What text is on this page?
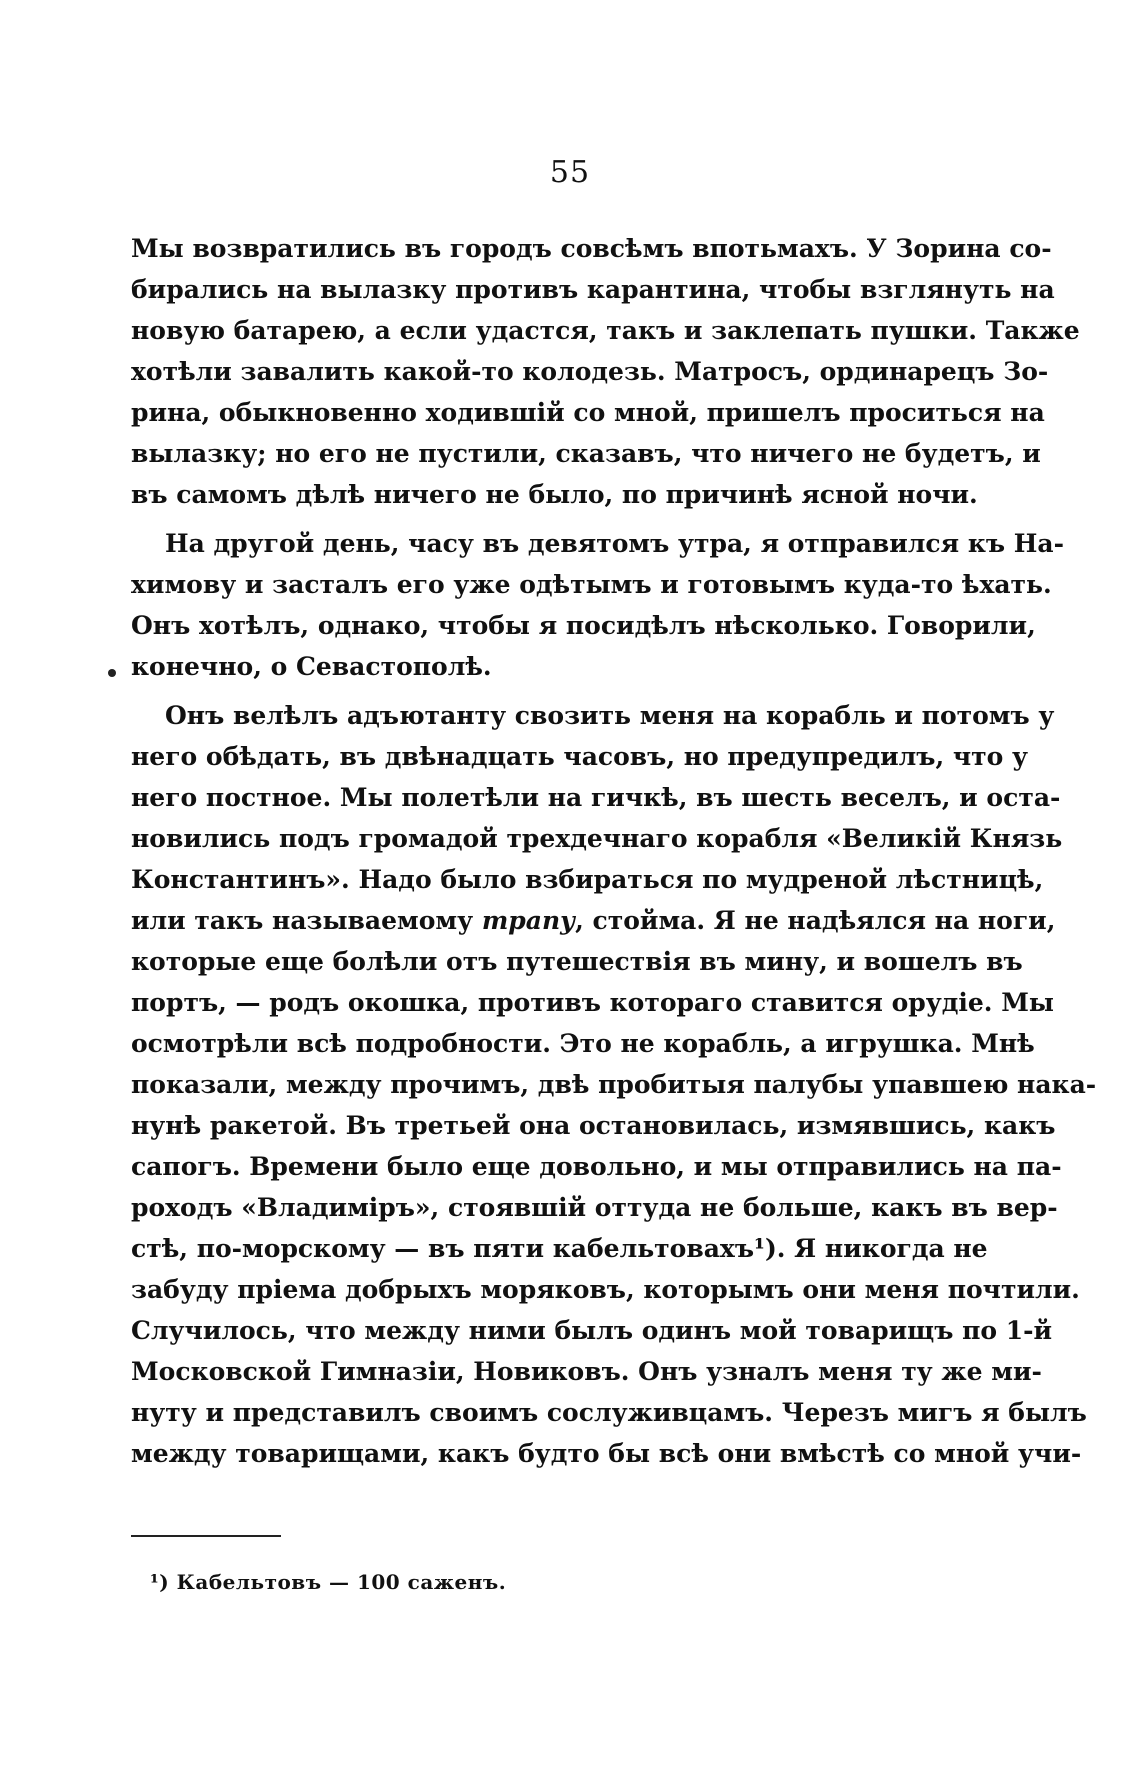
55
Мы возвратились въ городъ совсѣмъ впотьмахъ. У Зорина со-
бирались на вылазку противъ карантина, чтобы взглянуть на
новую батарею, а если удастся, такъ и заклепать пушки. Также
хотѣли завалить какой-то колодезь. Матросъ, ординарецъ Зо-
рина, обыкновенно ходившій со мной, пришелъ проситься на
вылазку; но его не пустили, сказавъ, что ничего не будетъ, и
въ самомъ дѣлѣ ничего не было, по причинѣ ясной ночи.
На другой день, часу въ девятомъ утра, я отправился къ На-
химову и засталъ его уже одѣтымъ и готовымъ куда-то ѣхать.
Онъ хотѣлъ, однако, чтобы я посидѣлъ нѣсколько. Говорили,
конечно, о Севастополѣ.
Онъ велѣлъ адъютанту свозить меня на корабль и потомъ у
него обѣдать, въ двѣнадцать часовъ, но предупредилъ, что у
него постное. Мы полетѣли на гичкѣ, въ шесть веселъ, и оста-
новились подъ громадой трехдечнаго корабля «Великій Князь
Константинъ». Надо было взбираться по мудреной лѣстницѣ,
или такъ называемому трапу, стойма. Я не надѣялся на ноги,
которые еще болѣли отъ путешествія въ мину, и вошелъ въ
портъ, — родъ окошка, противъ котораго ставится орудіе. Мы
осмотрѣли всѣ подробности. Это не корабль, а игрушка. Мнѣ
показали, между прочимъ, двѣ пробитыя палубы упавшею нака-
нунѣ ракетой. Въ третьей она остановилась, измявшись, какъ
сапогъ. Времени было еще довольно, и мы отправились на па-
роходъ «Владиміръ», стоявшій оттуда не больше, какъ въ вер-
стѣ, по-морскому — въ пяти кабельтовахъ¹). Я никогда не
забуду пріема добрыхъ моряковъ, которымъ они меня почтили.
Случилось, что между ними былъ одинъ мой товарищъ по 1-й
Московской Гимназіи, Новиковъ. Онъ узналъ меня ту же ми-
нуту и представилъ своимъ сослуживцамъ. Черезъ мигъ я былъ
между товарищами, какъ будто бы всѣ они вмѣстѣ со мной учи-
¹) Кабельтовъ — 100 саженъ.
